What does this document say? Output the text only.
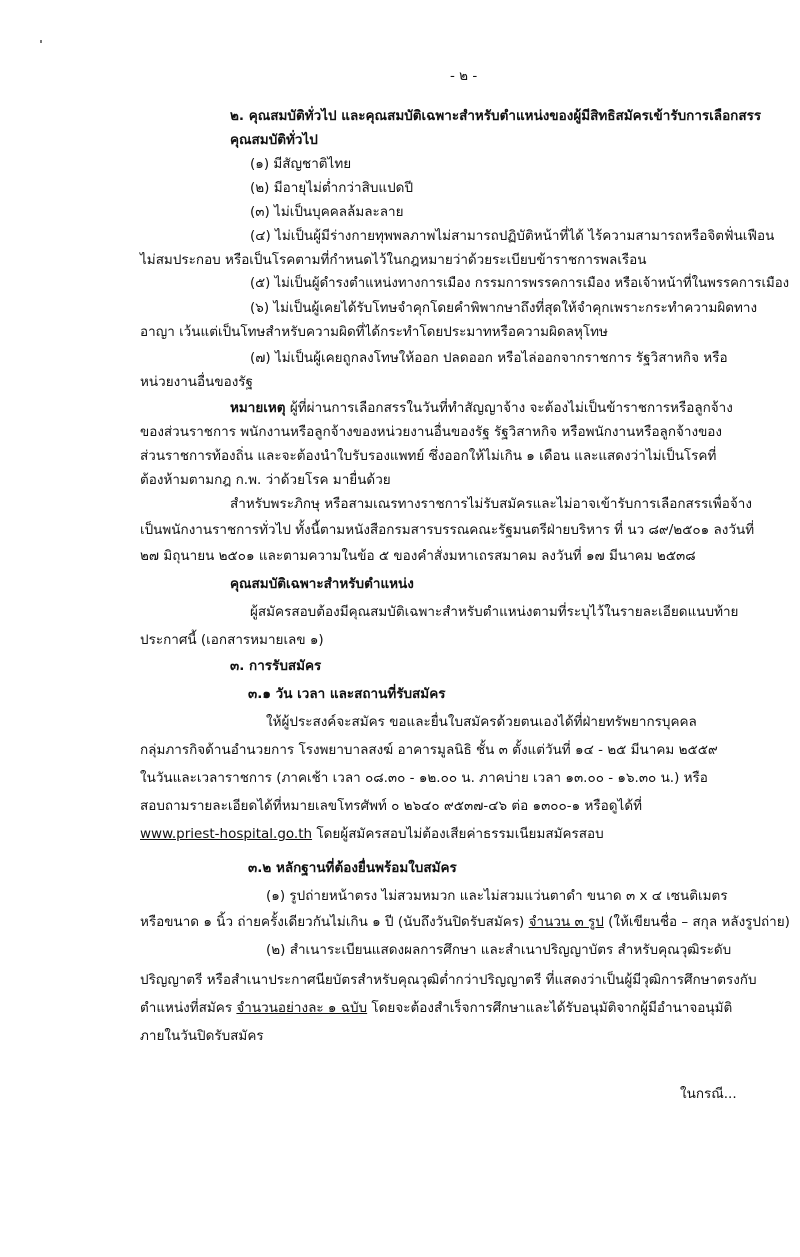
- ๒ -
๒. คุณสมบัติทั่วไป และคุณสมบัติเฉพาะสำหรับตำแหน่งของผู้มีสิทธิสมัครเข้ารับการเลือกสรร
คุณสมบัติทั่วไป
(๑) มีสัญชาติไทย
(๒) มีอายุไม่ต่ำกว่าสิบแปดปี
(๓) ไม่เป็นบุคคลล้มละลาย
(๔) ไม่เป็นผู้มีร่างกายทุพพลภาพไม่สามารถปฏิบัติหน้าที่ได้ ไร้ความสามารถหรือจิตฟั่นเฟือน
ไม่สมประกอบ หรือเป็นโรคตามที่กำหนดไว้ในกฎหมายว่าด้วยระเบียบข้าราชการพลเรือน
(๕) ไม่เป็นผู้ดำรงตำแหน่งทางการเมือง กรรมการพรรคการเมือง หรือเจ้าหน้าที่ในพรรคการเมือง
(๖) ไม่เป็นผู้เคยได้รับโทษจำคุกโดยคำพิพากษาถึงที่สุดให้จำคุกเพราะกระทำความผิดทาง
อาญา เว้นแต่เป็นโทษสำหรับความผิดที่ได้กระทำโดยประมาทหรือความผิดลหุโทษ
(๗) ไม่เป็นผู้เคยถูกลงโทษให้ออก ปลดออก หรือไล่ออกจากราชการ รัฐวิสาหกิจ หรือ
หน่วยงานอื่นของรัฐ
หมายเหตุ ผู้ที่ผ่านการเลือกสรรในวันที่ทำสัญญาจ้าง จะต้องไม่เป็นข้าราชการหรือลูกจ้าง
ของส่วนราชการ พนักงานหรือลูกจ้างของหน่วยงานอื่นของรัฐ รัฐวิสาหกิจ หรือพนักงานหรือลูกจ้างของ
ส่วนราชการท้องถิ่น และจะต้องนำใบรับรองแพทย์ ซึ่งออกให้ไม่เกิน ๑ เดือน และแสดงว่าไม่เป็นโรคที่
ต้องห้ามตามกฎ ก.พ. ว่าด้วยโรค มายื่นด้วย
สำหรับพระภิกษุ หรือสามเณรทางราชการไม่รับสมัครและไม่อาจเข้ารับการเลือกสรรเพื่อจ้าง
เป็นพนักงานราชการทั่วไป ทั้งนี้ตามหนังสือกรมสารบรรณคณะรัฐมนตรีฝ่ายบริหาร ที่ นว ๘๙/๒๕๐๑ ลงวันที่
๒๗ มิถุนายน ๒๕๐๑ และตามความในข้อ ๕ ของคำสั่งมหาเถรสมาคม ลงวันที่ ๑๗ มีนาคม ๒๕๓๘
คุณสมบัติเฉพาะสำหรับตำแหน่ง
ผู้สมัครสอบต้องมีคุณสมบัติเฉพาะสำหรับตำแหน่งตามที่ระบุไว้ในรายละเอียดแนบท้าย
ประกาศนี้ (เอกสารหมายเลข ๑)
๓. การรับสมัคร
๓.๑ วัน เวลา และสถานที่รับสมัคร
ให้ผู้ประสงค์จะสมัคร ขอและยื่นใบสมัครด้วยตนเองได้ที่ฝ่ายทรัพยากรบุคคล
กลุ่มภารกิจด้านอำนวยการ โรงพยาบาลสงฆ์ อาคารมูลนิธิ ชั้น ๓ ตั้งแต่วันที่ ๑๔ - ๒๕ มีนาคม ๒๕๕๙
ในวันและเวลาราชการ (ภาคเช้า เวลา ๐๘.๓๐ - ๑๒.๐๐ น. ภาคบ่าย เวลา ๑๓.๐๐ - ๑๖.๓๐ น.) หรือ
สอบถามรายละเอียดได้ที่หมายเลขโทรศัพท์ ๐ ๒๖๔๐ ๙๕๓๗-๔๖ ต่อ ๑๓๐๐-๑ หรือดูได้ที่
www.priest-hospital.go.th โดยผู้สมัครสอบไม่ต้องเสียค่าธรรมเนียมสมัครสอบ
๓.๒ หลักฐานที่ต้องยื่นพร้อมใบสมัคร
(๑) รูปถ่ายหน้าตรง ไม่สวมหมวก และไม่สวมแว่นตาดำ ขนาด ๓ x ๔ เซนติเมตร
หรือขนาด ๑ นิ้ว ถ่ายครั้งเดียวกันไม่เกิน ๑ ปี (นับถึงวันปิดรับสมัคร) จำนวน ๓ รูป (ให้เขียนชื่อ – สกุล หลังรูปถ่าย)
(๒) สำเนาระเบียนแสดงผลการศึกษา และสำเนาปริญญาบัตร สำหรับคุณวุฒิระดับ
ปริญญาตรี หรือสำเนาประกาศนียบัตรสำหรับคุณวุฒิต่ำกว่าปริญญาตรี ที่แสดงว่าเป็นผู้มีวุฒิการศึกษาตรงกับ
ตำแหน่งที่สมัคร จำนวนอย่างละ ๑ ฉบับ โดยจะต้องสำเร็จการศึกษาและได้รับอนุมัติจากผู้มีอำนาจอนุมัติ
ภายในวันปิดรับสมัคร
ในกรณี...
